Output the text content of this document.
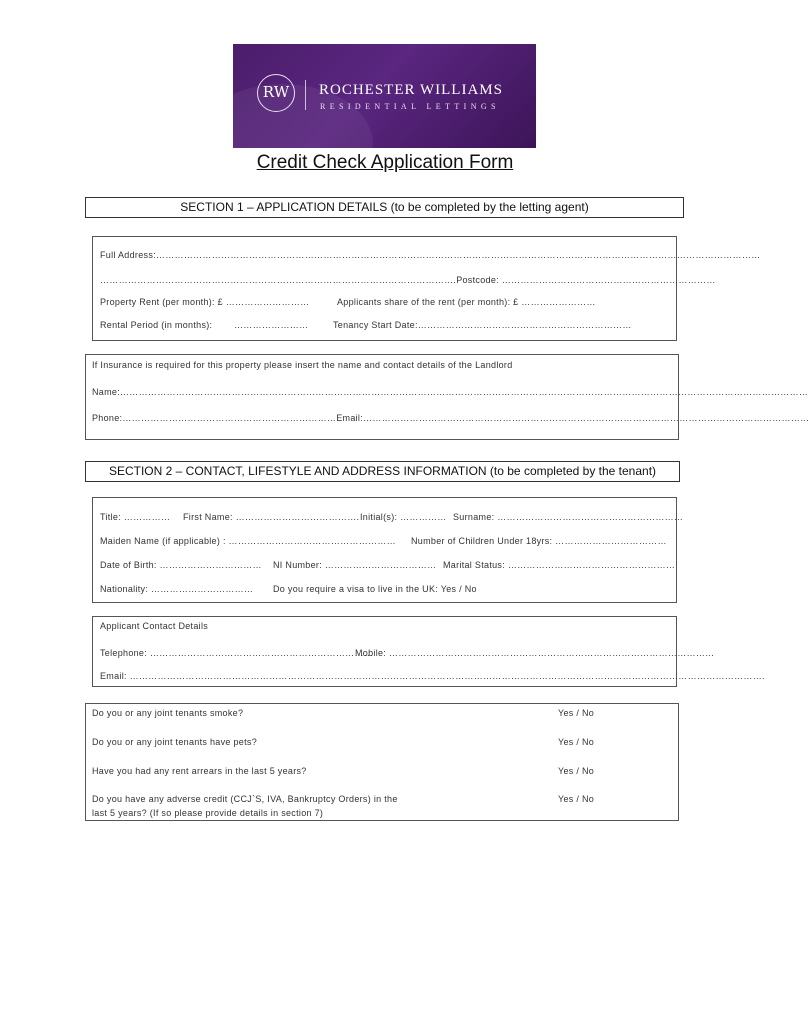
RW	ROCHESTER WILLIAMS
RESIDENTIAL LETTINGS
Credit Check Application Form
SECTION 1 – APPLICATION DETAILS (to be completed by the letting agent)
Full Address:……………………………………………………………………………………………………………………………………………………………………………
…………………………………………………………………………………………………….Postcode: ……………………………………………………………
Property Rent (per month): £ ………………………	Applicants share of the rent (per month): £ ……………………
Rental Period (in months): ……………………	Tenancy Start Date:……………………………………………………………
If Insurance is required for this property please insert the name and contact details of the Landlord
Name:……………………………………………………………………………………………………………………………………………………………………………………………………
Phone:……………………………………………………………Email:………………………………………………………………………………………………………………………………
SECTION 2 – CONTACT, LIFESTYLE AND ADDRESS INFORMATION (to be completed by the tenant)
Title: …………… First Name: …………………………………. Initial(s): …………… Surname: ……………………………………………………
Maiden Name (if applicable) : ……………………………………………… Number of Children Under 18yrs: ………………………………
Date of Birth: …………………………… NI Number: ……………………………… Marital Status: ………………………………………………
Nationality: …………………………… Do you require a visa to live in the UK: Yes / No
Applicant Contact Details
Telephone: ………………………………………………………………
Mobile: ……………………………………………………………………………………………
Email: …………………………………………………………………………………………………………………………………………………………………………………….
Do you or any joint tenants smoke?	Yes / No
Do you or any joint tenants have pets?	Yes / No
Have you had any rent arrears in the last 5 years?	Yes / No
Do you have any adverse credit (CCJ`S, IVA, Bankruptcy Orders) in the
last 5 years? (If so please provide details in section 7)
Yes / No
